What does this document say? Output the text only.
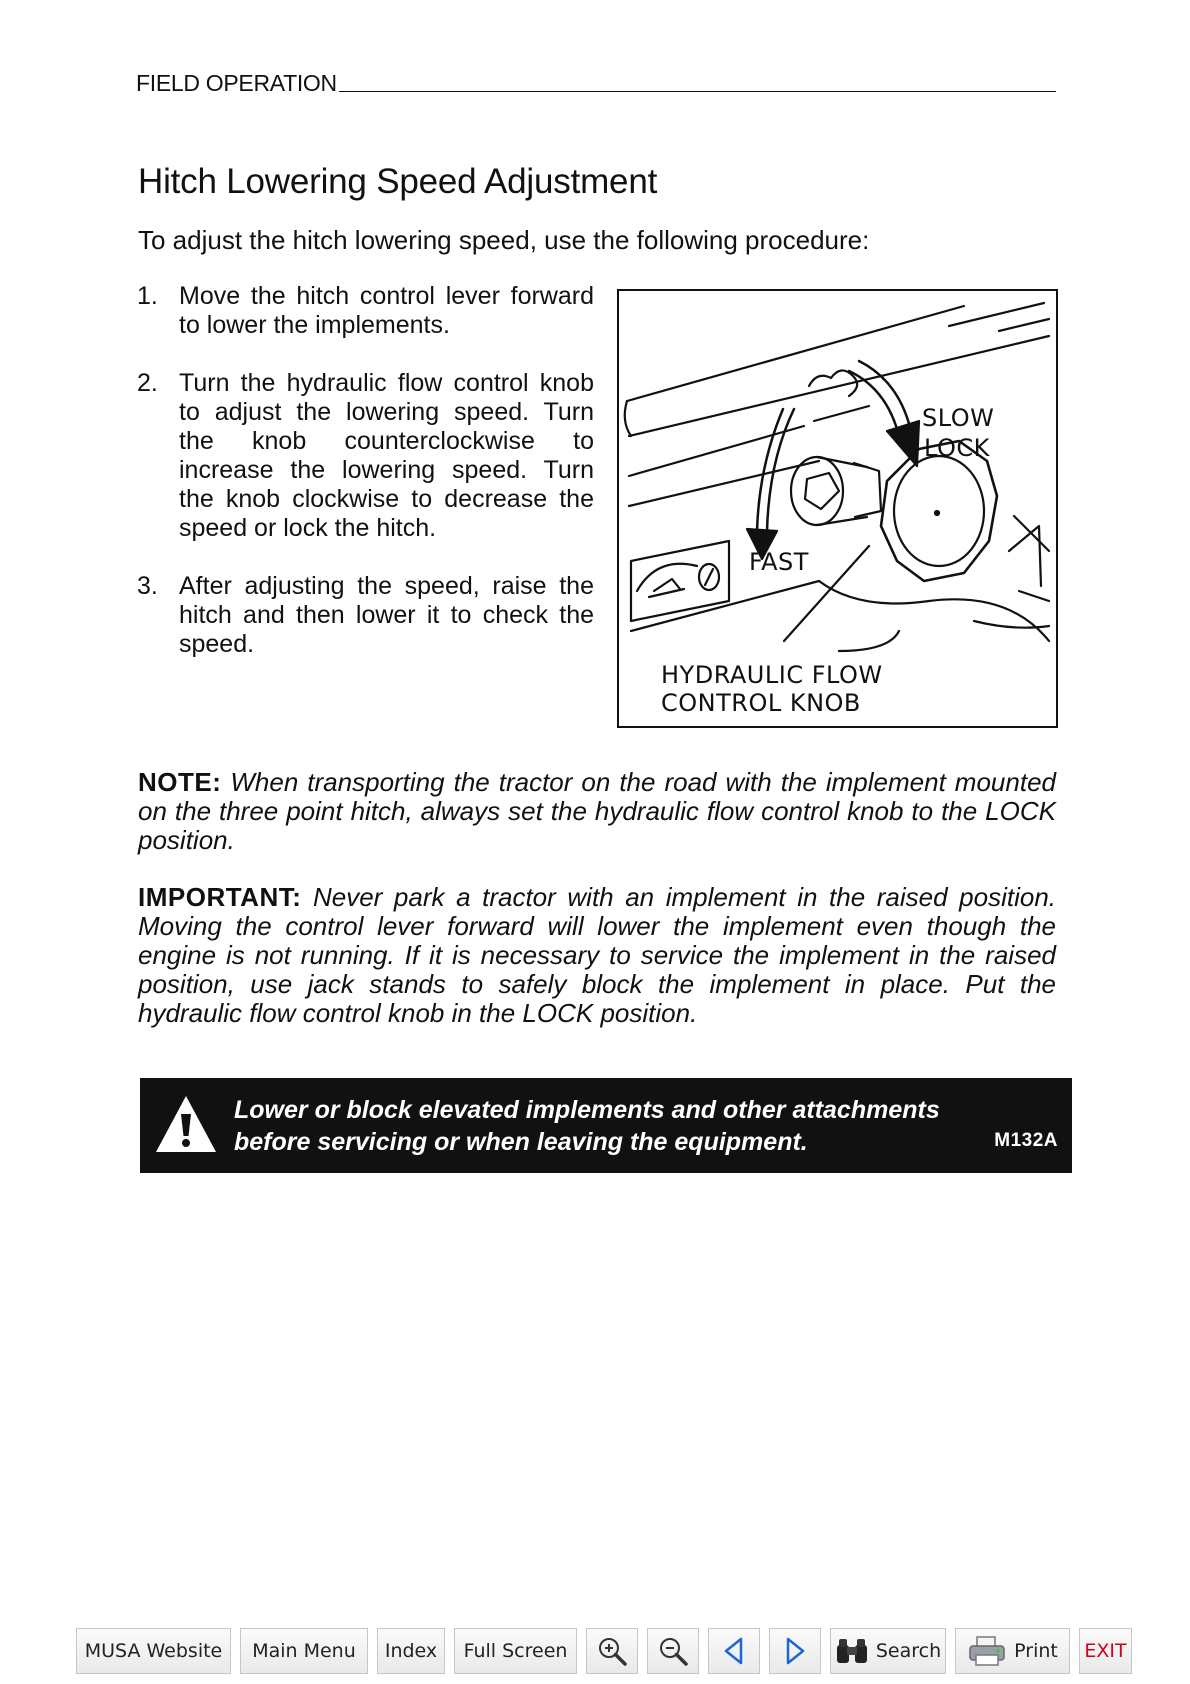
FIELD OPERATION
Hitch Lowering Speed Adjustment
To adjust the hitch lowering speed, use the following procedure:
1. Move the hitch control lever forward to lower the implements.
2. Turn the hydraulic flow control knob to adjust the lowering speed. Turn the knob counterclockwise to increase the lowering speed. Turn the knob clockwise to decrease the speed or lock the hitch.
3. After adjusting the speed, raise the hitch and then lower it to check the speed.
SLOW
LOCK
FAST
HYDRAULIC FLOW
CONTROL KNOB

NOTE: When transporting the tractor on the road with the implement mounted on the three point hitch, always set the hydraulic flow control knob to the LOCK position.

IMPORTANT: Never park a tractor with an implement in the raised position. Moving the control lever forward will lower the implement even though the engine is not running. If it is necessary to service the implement in the raised position, use jack stands to safely block the implement in place. Put the hydraulic flow control knob in the LOCK position.

Lower or block elevated implements and other attachments before servicing or when leaving the equipment.	M132A
MUSA Website Main Menu Index Full Screen	Search	Print EXIT
